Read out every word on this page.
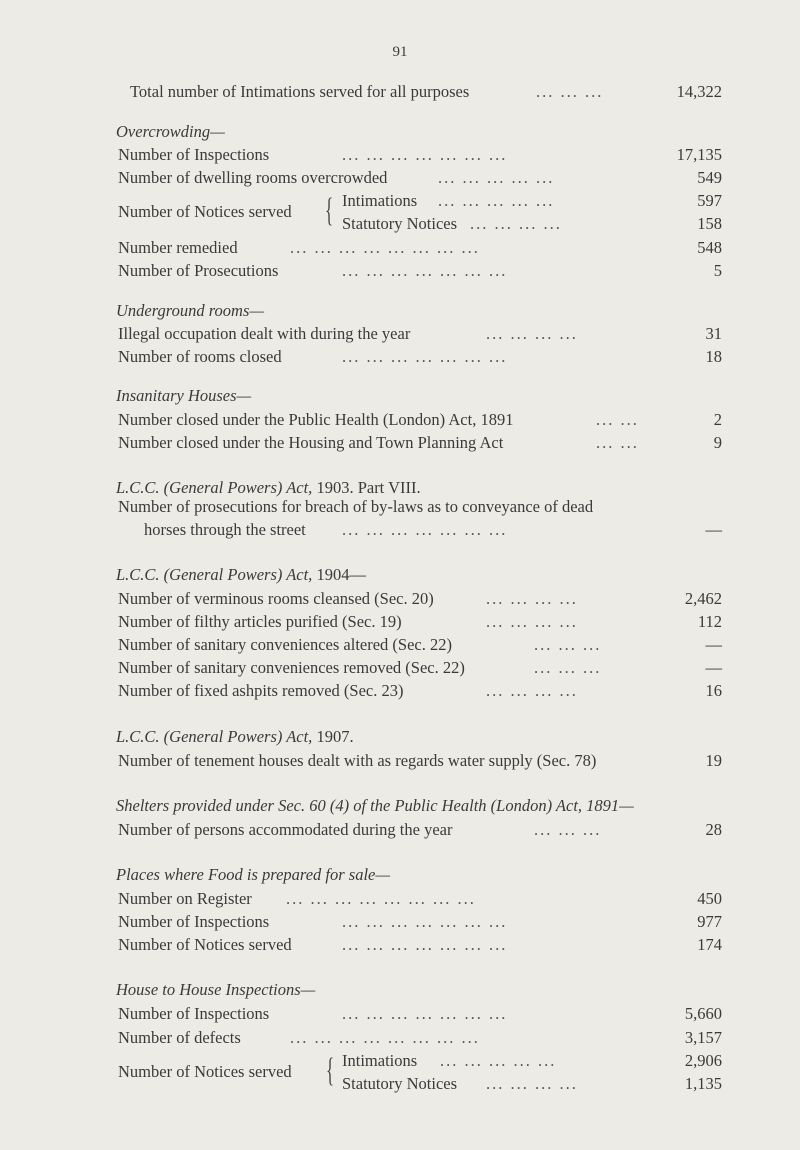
91
Total number of Intimations served for all purposes	... ... ...	14,322
Overcrowding—
Number of Inspections	... ... ... ... ... ... ...	17,135
Number of dwelling rooms overcrowded	... ... ... ... ...	549
Number of Notices served { Intimations ... ... ... ... ...	597
Statutory Notices ... ... ... ...	158
Number remedied	... ... ... ... ... ... ... ...	548
Number of Prosecutions	... ... ... ... ... ... ...	5
Underground rooms—
Illegal occupation dealt with during the year	... ... ... ...	31
Number of rooms closed	... ... ... ... ... ... ...	18
Insanitary Houses—
Number closed under the Public Health (London) Act, 1891	... ...	2
Number closed under the Housing and Town Planning Act	... ...	9
L.C.C. (General Powers) Act, 1903. Part VIII.
Number of prosecutions for breach of by-laws as to conveyance of dead
horses through the street ... ... ... ... ... ... ...	—
L.C.C. (General Powers) Act, 1904—
Number of verminous rooms cleansed (Sec. 20)	... ... ... ...	2,462
Number of filthy articles purified (Sec. 19)	... ... ... ...	112
Number of sanitary conveniences altered (Sec. 22)	... ... ...	—
Number of sanitary conveniences removed (Sec. 22)	... ... ...	—
Number of fixed ashpits removed (Sec. 23)	... ... ... ...	16
L.C.C. (General Powers) Act, 1907.
Number of tenement houses dealt with as regards water supply (Sec. 78)	19
Shelters provided under Sec. 60 (4) of the Public Health (London) Act, 1891—
Number of persons accommodated during the year	... ... ...	28
Places where Food is prepared for sale—
Number on Register ... ... ... ... ... ... ... ...	450
Number of Inspections	... ... ... ... ... ... ...	977
Number of Notices served	... ... ... ... ... ... ...	174
House to House Inspections—
Number of Inspections	... ... ... ... ... ... ...	5,660
Number of defects	... ... ... ... ... ... ... ...	3,157
Number of Notices served { Intimations ... ... ... ... ...	2,906
Statutory Notices ... ... ... ...	1,135
